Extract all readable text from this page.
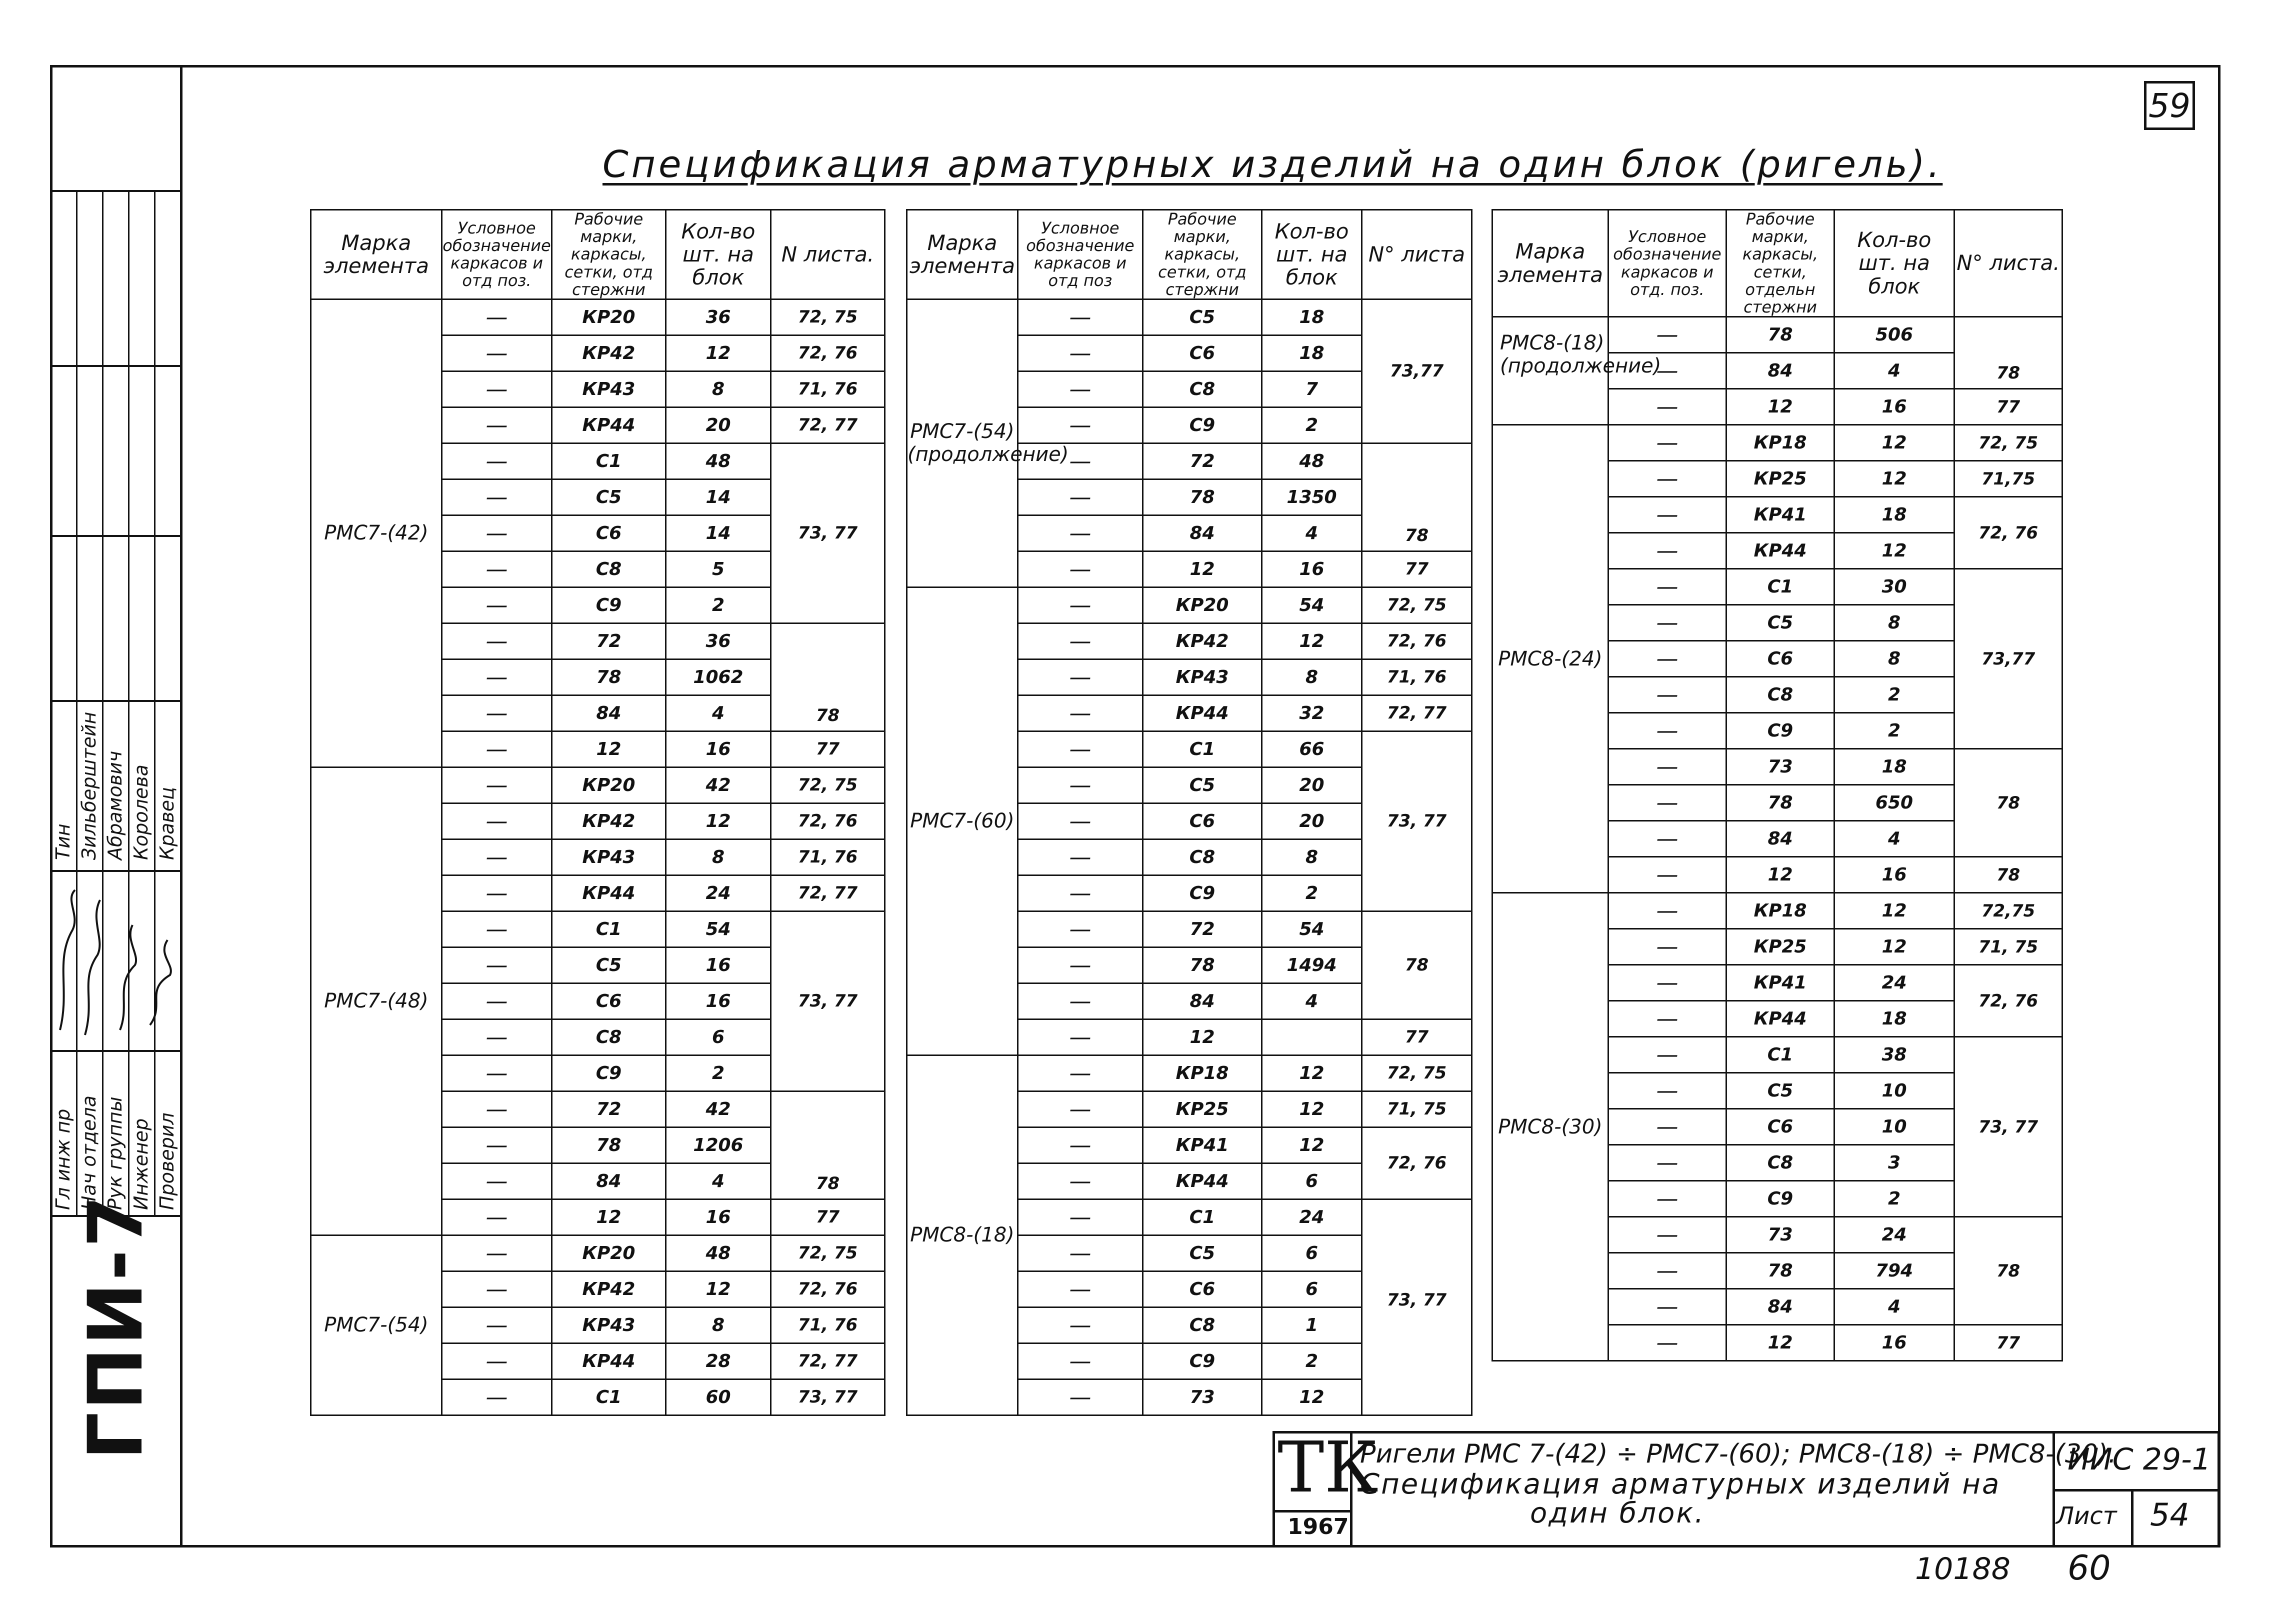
59
Спецификация арматурных изделий на один блок (ригель).
Гл инж пр Нач отдела Рук группы Инженер Проверил
Тин Зильберштейн Абрамович Королева Кравец
ГПИ-7
Марка элемента	Условное обозначение каркасов и отд поз.	Рабочие марки, каркасы, сетки, отд стержни	Кол-во шт. на блок	N листа.
РМС7-(42)	—	КР20	36	72, 75
	—	КР42	12	72, 76
	—	КР43	8	71, 76
	—	КР44	20	72, 77
	—	С1	48	73, 77
	—	С5	14	
	—	С6	14	
	—	С8	5	
	—	С9	2	
	—	72	36	78
	—	78	1062	
	—	84	4	
	—	12	16	77
РМС7-(48)	—	КР20	42	72, 75
	—	КР42	12	72, 76
	—	КР43	8	71, 76
	—	КР44	24	72, 77
	—	С1	54	73, 77
	—	С5	16	
	—	С6	16	
	—	С8	6	
	—	С9	2	
	—	72	42	78
	—	78	1206	
	—	84	4	
	—	12	16	77
РМС7-(54)	—	КР20	48	72, 75
	—	КР42	12	72, 76
	—	КР43	8	71, 76
	—	КР44	28	72, 77
	—	С1	60	73, 77
Марка элемента	Условное обозначение каркасов и отд поз	Рабочие марки, каркасы, сетки, отд стержни	Кол-во шт. на блок	N° листа
РМС7-(54) (продолжение)	—	С5	18	73,77
	—	С6	18	
	—	С8	7	
	—	С9	2	
	—	72	48	78
	—	78	1350	
	—	84	4	
	—	12	16	77
РМС7-(60)	—	КР20	54	72, 75
	—	КР42	12	72, 76
	—	КР43	8	71, 76
	—	КР44	32	72, 77
	—	С1	66	73, 77
	—	С5	20	
	—	С6	20	
	—	С8	8	
	—	С9	2	
	—	72	54	78
	—	78	1494	
	—	84	4	
	—	12		77
РМС8-(18)	—	КР18	12	72, 75
	—	КР25	12	71, 75
	—	КР41	12	72, 76
	—	КР44	6	
	—	С1	24	73, 77
	—	С5	6	
	—	С6	6	
	—	С8	1	
	—	С9	2	
	—	73	12	
Марка элемента	Условное обозначение каркасов и отд. поз.	Рабочие марки, каркасы, сетки, отдельн стержни	Кол-во шт. на блок	N° листа.
РМС8-(18) (продолжение)	—	78	506	78
	—	84	4	
	—	12	16	77
РМС8-(24)	—	КР18	12	72, 75
	—	КР25	12	71,75
	—	КР41	18	72, 76
	—	КР44	12	
	—	С1	30	73,77
	—	С5	8	
	—	С6	8	
	—	С8	2	
	—	С9	2	
	—	73	18	78
	—	78	650	
	—	84	4	
	—	12	16	78
РМС8-(30)	—	КР18	12	72,75
	—	КР25	12	71, 75
	—	КР41	24	72, 76
	—	КР44	18	
	—	С1	38	73, 77
	—	С5	10	
	—	С6	10	
	—	С8	3	
	—	С9	2	
	—	73	24	78
	—	78	794	
	—	84	4	
	—	12	16	77
ТК
1967
Ригели РМС 7-(42) ÷ РМС7-(60); РМС8-(18) ÷ РМС8-(30).
Спецификация арматурных изделий на
один блок.
ИИС 29-1
Лист 54
10188 60
